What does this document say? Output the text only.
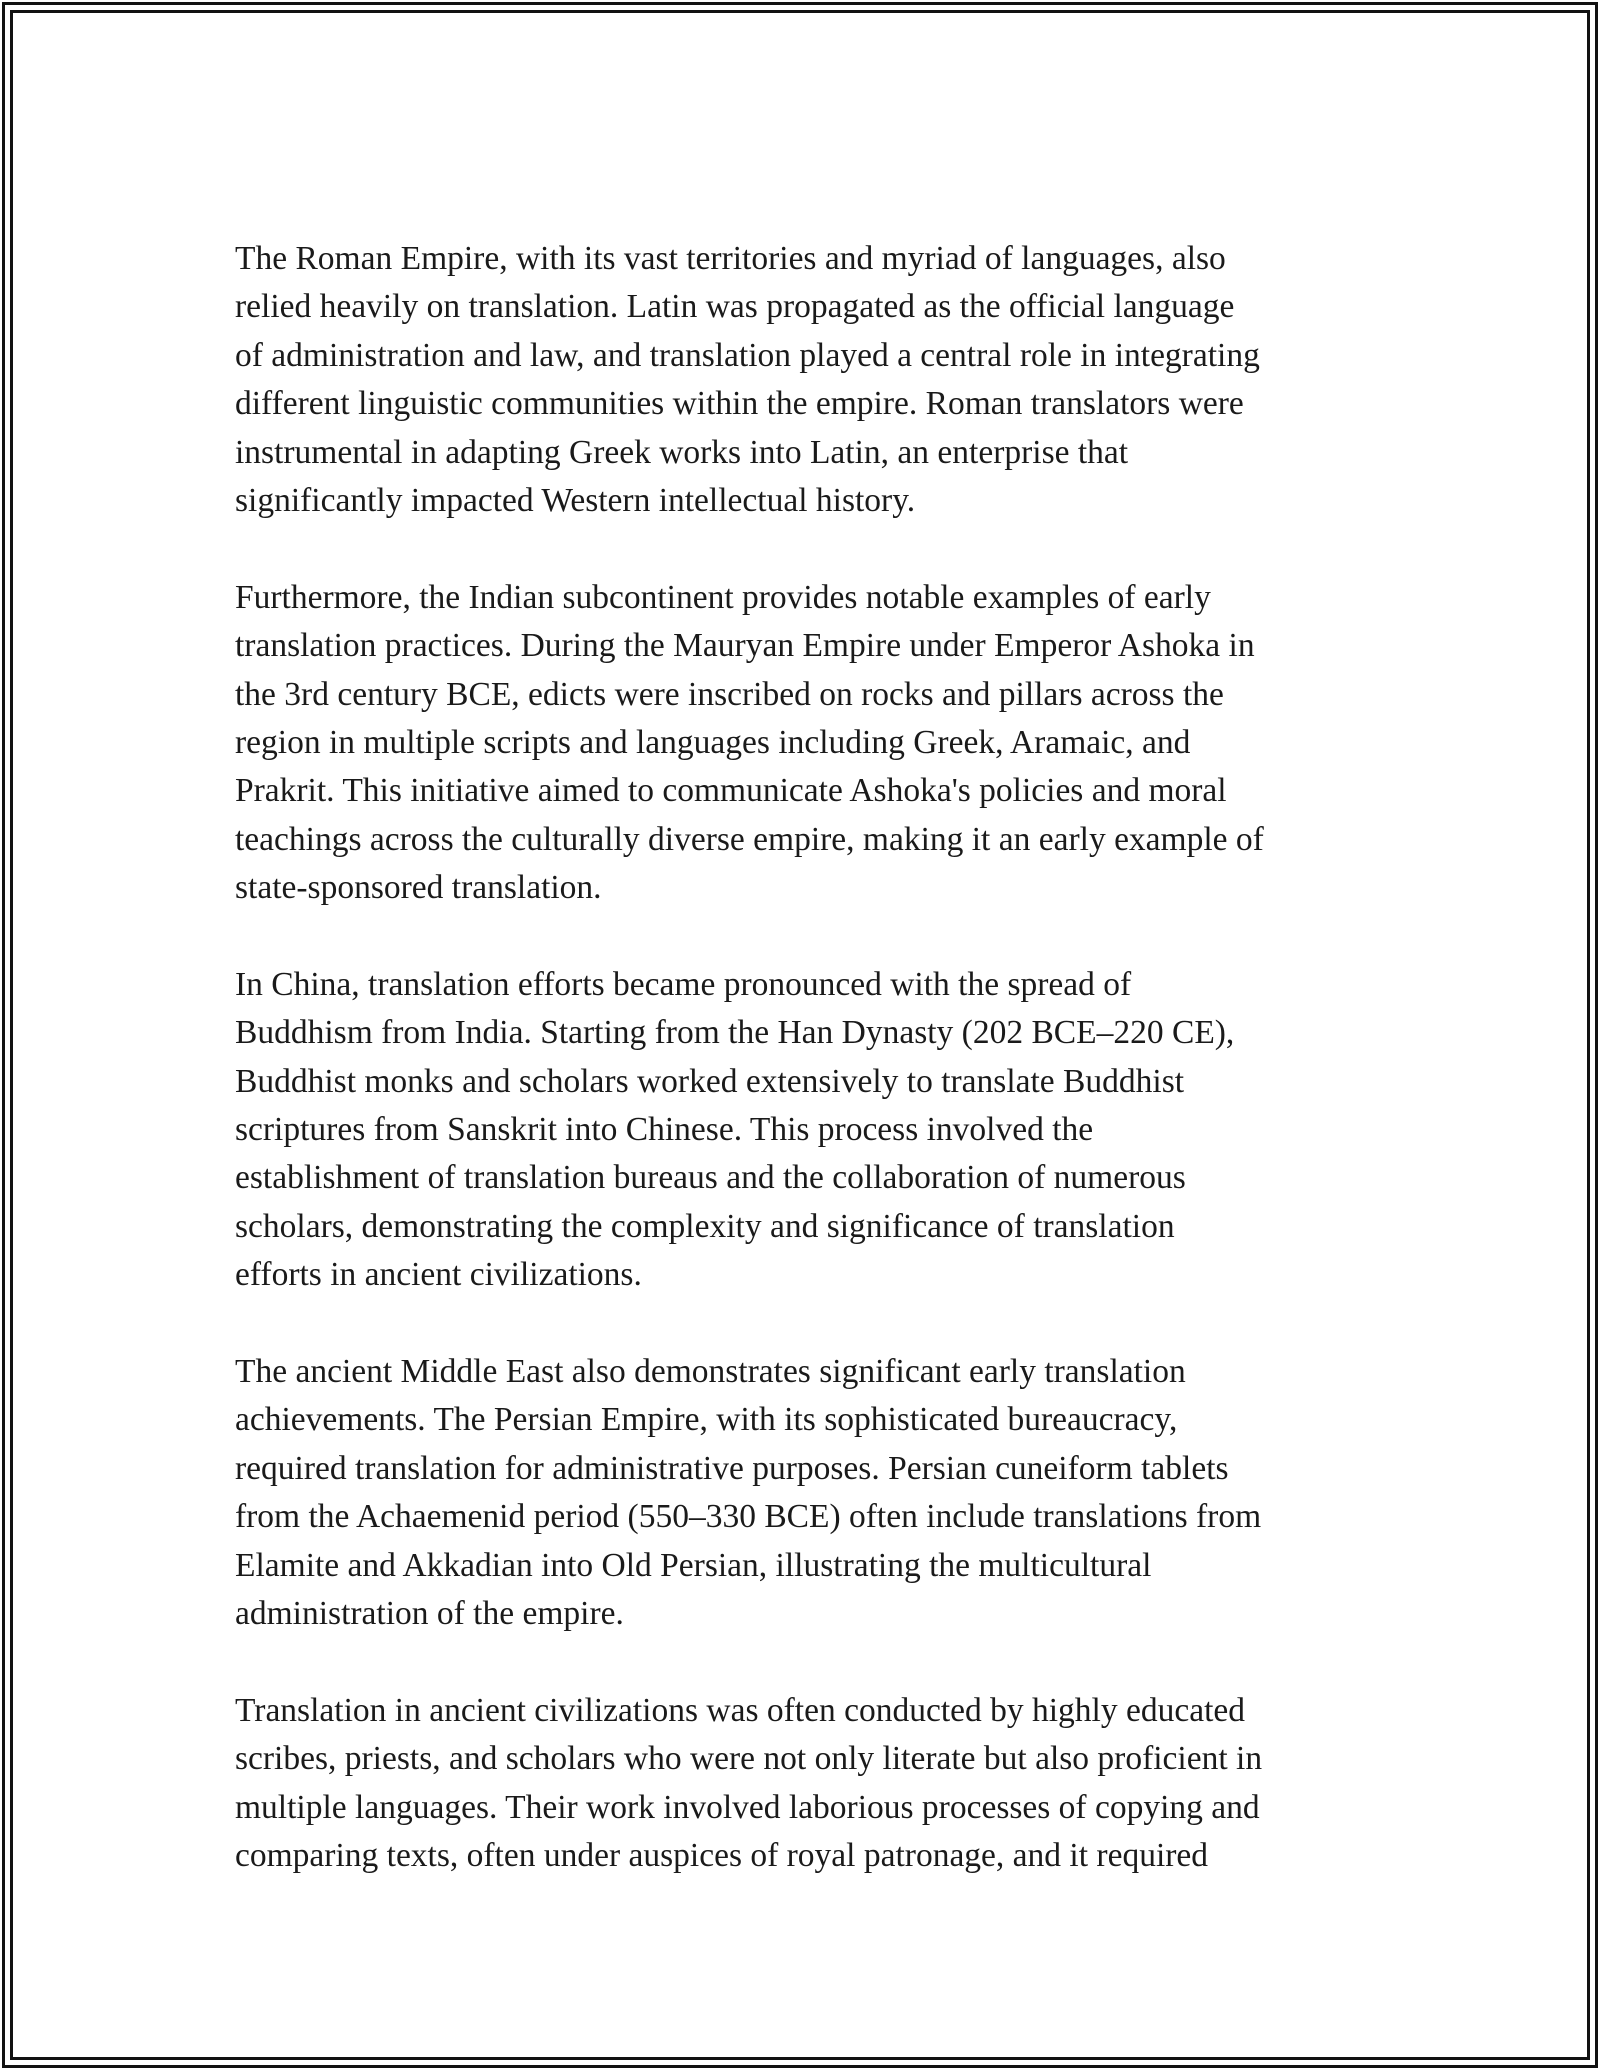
The Roman Empire, with its vast territories and myriad of languages, also
relied heavily on translation. Latin was propagated as the official language
of administration and law, and translation played a central role in integrating
different linguistic communities within the empire. Roman translators were
instrumental in adapting Greek works into Latin, an enterprise that
significantly impacted Western intellectual history.

Furthermore, the Indian subcontinent provides notable examples of early
translation practices. During the Mauryan Empire under Emperor Ashoka in
the 3rd century BCE, edicts were inscribed on rocks and pillars across the
region in multiple scripts and languages including Greek, Aramaic, and
Prakrit. This initiative aimed to communicate Ashoka's policies and moral
teachings across the culturally diverse empire, making it an early example of
state-sponsored translation.

In China, translation efforts became pronounced with the spread of
Buddhism from India. Starting from the Han Dynasty (202 BCE–220 CE),
Buddhist monks and scholars worked extensively to translate Buddhist
scriptures from Sanskrit into Chinese. This process involved the
establishment of translation bureaus and the collaboration of numerous
scholars, demonstrating the complexity and significance of translation
efforts in ancient civilizations.

The ancient Middle East also demonstrates significant early translation
achievements. The Persian Empire, with its sophisticated bureaucracy,
required translation for administrative purposes. Persian cuneiform tablets
from the Achaemenid period (550–330 BCE) often include translations from
Elamite and Akkadian into Old Persian, illustrating the multicultural
administration of the empire.

Translation in ancient civilizations was often conducted by highly educated
scribes, priests, and scholars who were not only literate but also proficient in
multiple languages. Their work involved laborious processes of copying and
comparing texts, often under auspices of royal patronage, and it required
